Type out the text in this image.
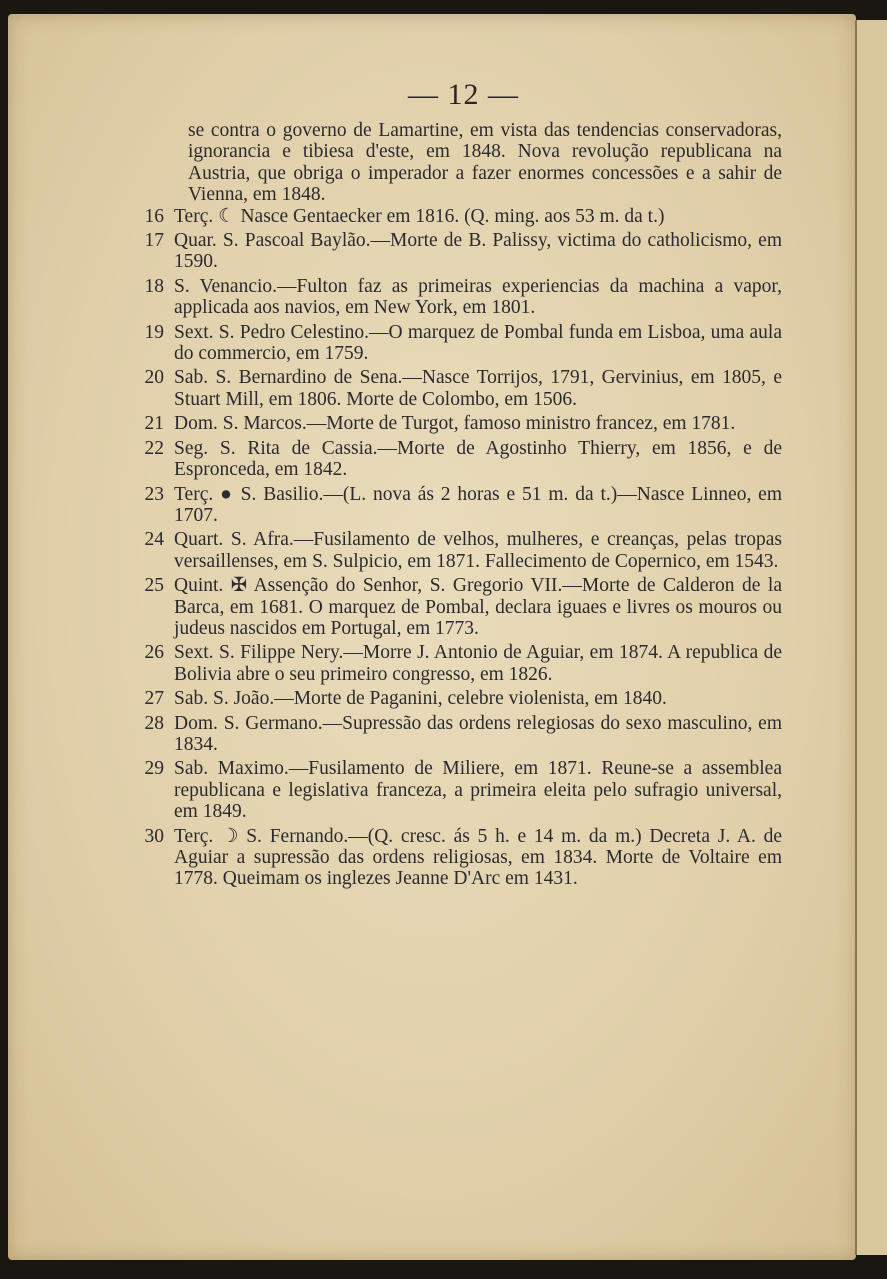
— 12 —
se contra o governo de Lamartine, em vista das tendencias conservadoras, ignorancia e tibiesa d'este, em 1848. Nova revolução republicana na Austria, que obriga o imperador a fazer enormes concessões e a sahir de Vienna, em 1848.
16 Terç. ☾ Nasce Gentaecker em 1816. (Q. ming. aos 53 m. da t.)
17 Quar. S. Pascoal Baylão.—Morte de B. Palissy, victima do catholicismo, em 1590.
18 S. Venancio.—Fulton faz as primeiras experiencias da machina a vapor, applicada aos navios, em New York, em 1801.
19 Sext. S. Pedro Celestino.—O marquez de Pombal funda em Lisboa, uma aula do commercio, em 1759.
20 Sab. S. Bernardino de Sena.—Nasce Torrijos, 1791, Gervinius, em 1805, e Stuart Mill, em 1806. Morte de Colombo, em 1506.
21 Dom. S. Marcos.—Morte de Turgot, famoso ministro francez, em 1781.
22 Seg. S. Rita de Cassia.—Morte de Agostinho Thierry, em 1856, e de Espronceda, em 1842.
23 Terç. ● S. Basilio.—(L. nova ás 2 horas e 51 m. da t.)—Nasce Linneo, em 1707.
24 Quart. S. Afra.—Fusilamento de velhos, mulheres, e creanças, pelas tropas versaillenses, em S. Sulpicio, em 1871. Fallecimento de Copernico, em 1543.
25 Quint. ✠ Assenção do Senhor, S. Gregorio VII.—Morte de Calderon de la Barca, em 1681. O marquez de Pombal, declara iguaes e livres os mouros ou judeus nascidos em Portugal, em 1773.
26 Sext. S. Filippe Nery.—Morre J. Antonio de Aguiar, em 1874. A republica de Bolivia abre o seu primeiro congresso, em 1826.
27 Sab. S. João.—Morte de Paganini, celebre violenista, em 1840.
28 Dom. S. Germano.—Supressão das ordens relegiosas do sexo masculino, em 1834.
29 Sab. Maximo.—Fusilamento de Miliere, em 1871. Reune-se a assemblea republicana e legislativa franceza, a primeira eleita pelo sufragio universal, em 1849.
30 Terç. ☽ S. Fernando.—(Q. cresc. ás 5 h. e 14 m. da m.) Decreta J. A. de Aguiar a supressão das ordens religiosas, em 1834. Morte de Voltaire em 1778. Queimam os inglezes Jeanne D'Arc em 1431.
